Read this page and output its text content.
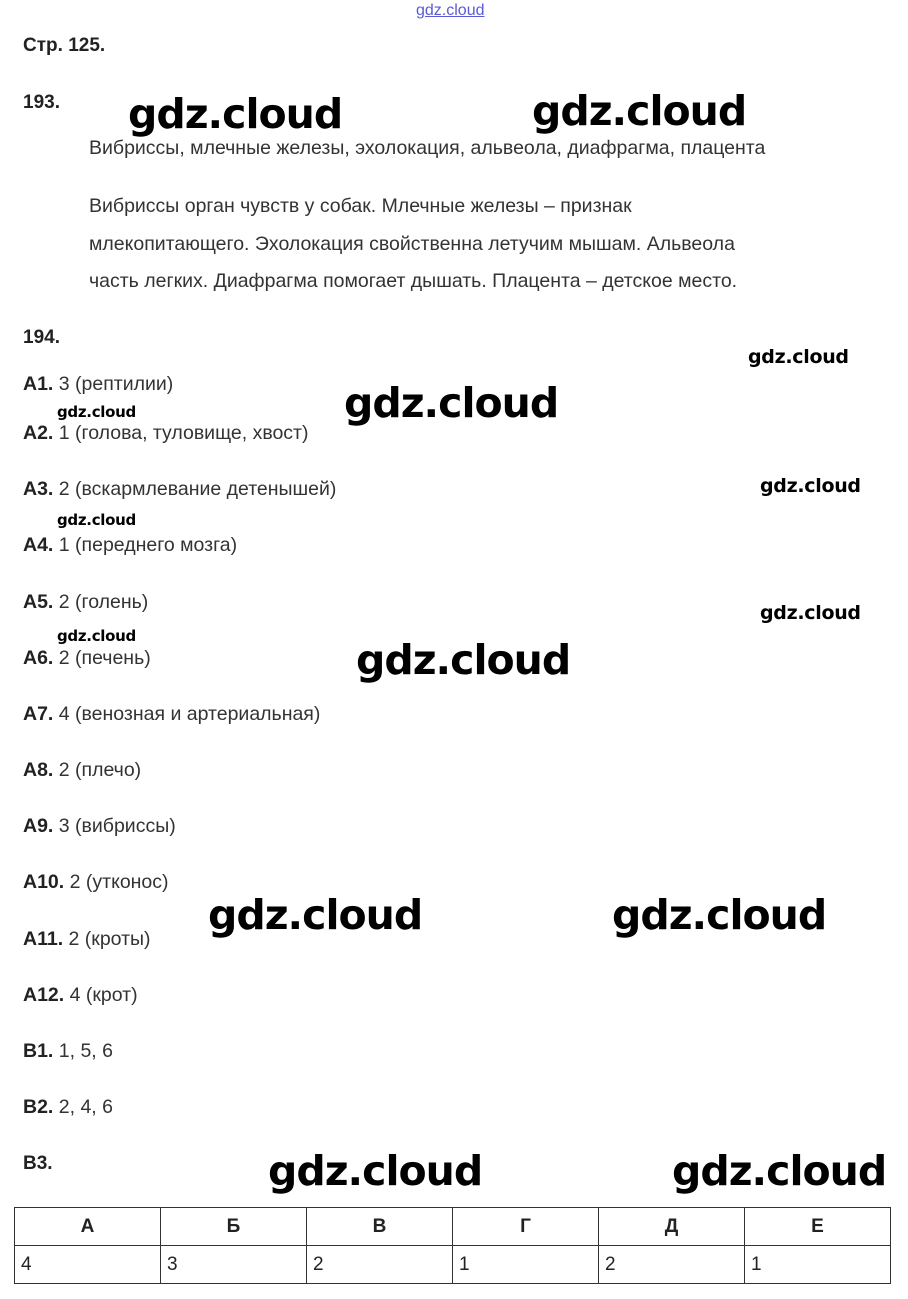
gdz.cloud
Стр. 125.
193.
Вибриссы, млечные железы, эхолокация, альвеола, диафрагма, плацента
Вибриссы орган чувств у собак. Млечные железы – признак
млекопитающего. Эхолокация свойственна летучим мышам. Альвеола
часть легких. Диафрагма помогает дышать. Плацента – детское место.
194.
А1. 3 (рептилии)
А2. 1 (голова, туловище, хвост)
А3. 2 (вскармлевание детенышей)
А4. 1 (переднего мозга)
А5. 2 (голень)
А6. 2 (печень)
А7. 4 (венозная и артериальная)
А8. 2 (плечо)
А9. 3 (вибриссы)
А10. 2 (утконос)
А11. 2 (кроты)
А12. 4 (крот)
В1. 1, 5, 6
В2. 2, 4, 6
В3.
А	Б	В	Г	Д	Е
4	3	2	1	2	1
gdz.cloud	gdz.cloud
gdz.cloud
gdz.cloud
gdz.cloud
gdz.cloud
gdz.cloud
gdz.cloud
gdz.cloud	gdz.cloud
gdz.cloud	gdz.cloud
gdz.cloud	gdz.cloud
